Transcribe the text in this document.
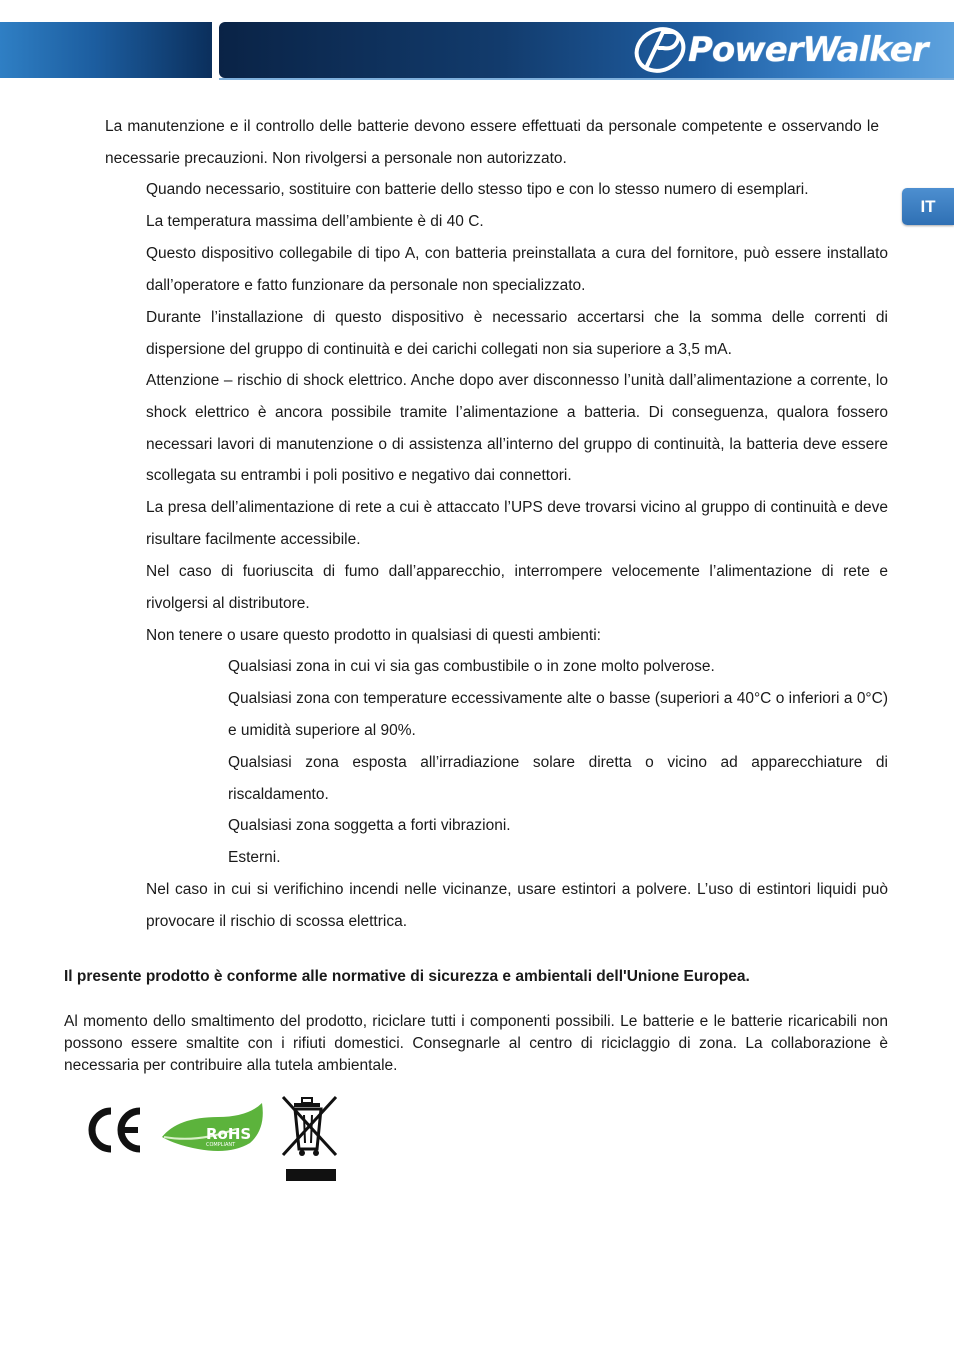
PowerWalker
IT

La manutenzione e il controllo delle batterie devono essere effettuati da personale competente e osservando le necessarie precauzioni. Non rivolgersi a personale non autorizzato.

Quando necessario, sostituire con batterie dello stesso tipo e con lo stesso numero di esemplari.

La temperatura massima dell’ambiente è di 40 C.

Questo dispositivo collegabile di tipo A, con batteria preinstallata a cura del fornitore, può essere installato dall’operatore e fatto funzionare da personale non specializzato.

Durante l’installazione di questo dispositivo è necessario accertarsi che la somma delle correnti di dispersione del gruppo di continuità e dei carichi collegati non sia superiore a 3,5 mA.

Attenzione – rischio di shock elettrico. Anche dopo aver disconnesso l’unità dall’alimentazione a corrente, lo shock elettrico è ancora possibile tramite l’alimentazione a batteria. Di conseguenza, qualora fossero necessari lavori di manutenzione o di assistenza all’interno del gruppo di continuità, la batteria deve essere scollegata su entrambi i poli positivo e negativo dai connettori.

La presa dell’alimentazione di rete a cui è attaccato l’UPS deve trovarsi vicino al gruppo di continuità e deve risultare facilmente accessibile.

Nel caso di fuoriuscita di fumo dall’apparecchio, interrompere velocemente l’alimentazione di rete e rivolgersi al distributore.

Non tenere o usare questo prodotto in qualsiasi di questi ambienti:

Qualsiasi zona in cui vi sia gas combustibile o in zone molto polverose.

Qualsiasi zona con temperature eccessivamente alte o basse (superiori a 40°C o inferiori a 0°C) e umidità superiore al 90%.

Qualsiasi zona esposta all’irradiazione solare diretta o vicino ad apparecchiature di riscaldamento.

Qualsiasi zona soggetta a forti vibrazioni.

Esterni.

Nel caso in cui si verifichino incendi nelle vicinanze, usare estintori a polvere. L’uso di estintori liquidi può provocare il rischio di scossa elettrica.

Il presente prodotto è conforme alle normative di sicurezza e ambientali dell'Unione Europea.
Al momento dello smaltimento del prodotto, riciclare tutti i componenti possibili. Le batterie e le batterie ricaricabili non possono essere smaltite con i rifiuti domestici. Consegnarle al centro di riciclaggio di zona. La collaborazione è necessaria per contribuire alla tutela ambientale.
RoHS
COMPLIANT
